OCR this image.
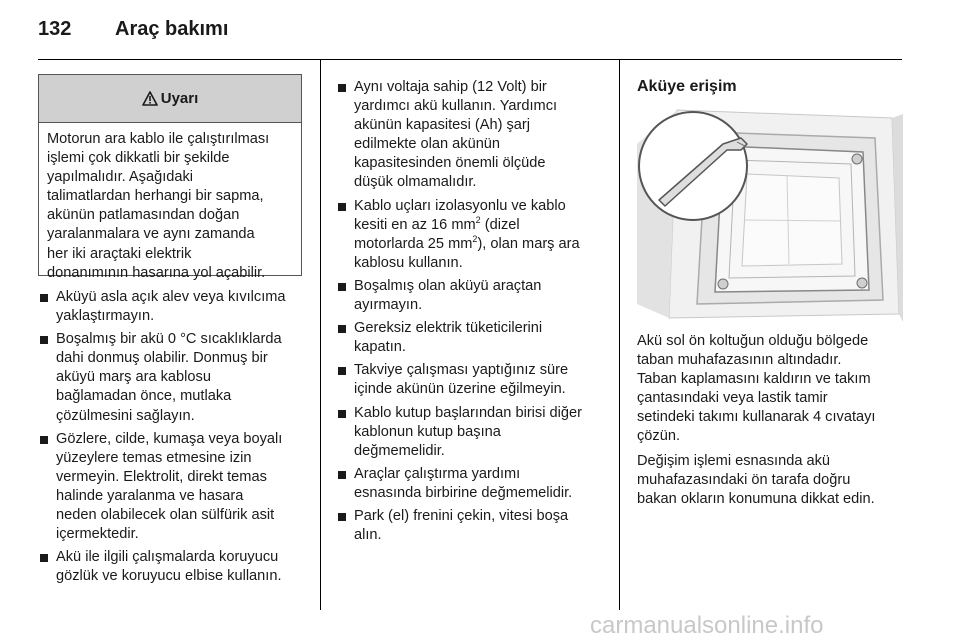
132 Araç bakımı
Uyarı
Motorun ara kablo ile çalıştırılması
işlemi çok dikkatli bir şekilde
yapılmalıdır. Aşağıdaki
talimatlardan herhangi bir sapma,
akünün patlamasından doğan
yaralanmalara ve aynı zamanda
her iki araçtaki elektrik
donanımının hasarına yol açabilir.
Aküyü asla açık alev veya kıvılcıma
yaklaştırmayın.
Boşalmış bir akü 0 °C sıcaklıklarda
dahi donmuş olabilir. Donmuş bir
aküyü marş ara kablosu
bağlamadan önce, mutlaka
çözülmesini sağlayın.
Gözlere, cilde, kumaşa veya boyalı
yüzeylere temas etmesine izin
vermeyin. Elektrolit, direkt temas
halinde yaralanma ve hasara
neden olabilecek olan sülfürik asit
içermektedir.
Akü ile ilgili çalışmalarda koruyucu
gözlük ve koruyucu elbise kullanın.
Aynı voltaja sahip (12 Volt) bir
yardımcı akü kullanın. Yardımcı
akünün kapasitesi (Ah) şarj
edilmekte olan akünün
kapasitesinden önemli ölçüde
düşük olmamalıdır.
Kablo uçları izolasyonlu ve kablo
kesiti en az 16 $mm^2$ (dizel
motorlarda 25 $mm^2$), olan marş ara
kablosu kullanın.
Boşalmış olan aküyü araçtan
ayırmayın.
Gereksiz elektrik tüketicilerini
kapatın.
Takviye çalışması yaptığınız süre
içinde akünün üzerine eğilmeyin.
Kablo kutup başlarından birisi diğer
kablonun kutup başına
değmemelidir.
Araçlar çalıştırma yardımı
esnasında birbirine değmemelidir.
Park (el) frenini çekin, vitesi boşa
alın.
Aküye erişim

Akü sol ön koltuğun olduğu bölgede
taban muhafazasının altındadır.
Taban kaplamasını kaldırın ve takım
çantasındaki veya lastik tamir
setindeki takımı kullanarak 4 cıvatayı
çözün.

Değişim işlemi esnasında akü
muhafazasındaki ön tarafa doğru
bakan okların konumuna dikkat edin.

carmanualsonline.info
